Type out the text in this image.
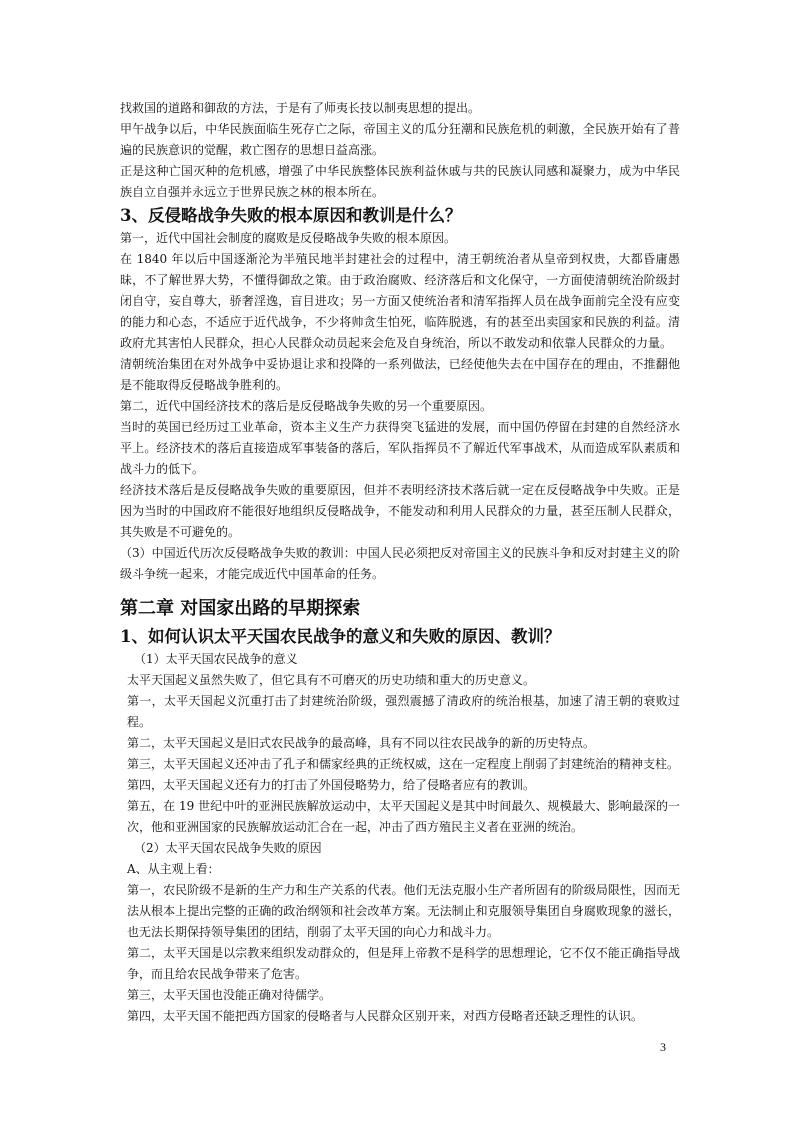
找救国的道路和御敌的方法，于是有了师夷长技以制夷思想的提出。
甲午战争以后，中华民族面临生死存亡之际，帝国主义的瓜分狂潮和民族危机的刺激，全民族开始有了普遍的民族意识的觉醒，救亡图存的思想日益高涨。
正是这种亡国灭种的危机感，增强了中华民族整体民族利益休戚与共的民族认同感和凝聚力，成为中华民族自立自强并永远立于世界民族之林的根本所在。
3、反侵略战争失败的根本原因和教训是什么？
第一，近代中国社会制度的腐败是反侵略战争失败的根本原因。
在 1840 年以后中国逐渐沦为半殖民地半封建社会的过程中，清王朝统治者从皇帝到权贵，大都昏庸愚昧，不了解世界大势，不懂得御敌之策。由于政治腐败、经济落后和文化保守，一方面使清朝统治阶级封闭自守，妄自尊大，骄奢淫逸，盲目进攻；另一方面又使统治者和清军指挥人员在战争面前完全没有应变的能力和心态，不适应于近代战争，不少将帅贪生怕死，临阵脱逃，有的甚至出卖国家和民族的利益。清政府尤其害怕人民群众，担心人民群众动员起来会危及自身统治，所以不敢发动和依靠人民群众的力量。
清朝统治集团在对外战争中妥协退让求和投降的一系列做法，已经使他失去在中国存在的理由，不推翻他是不能取得反侵略战争胜利的。
第二，近代中国经济技术的落后是反侵略战争失败的另一个重要原因。
当时的英国已经历过工业革命，资本主义生产力获得突飞猛进的发展，而中国仍停留在封建的自然经济水平上。经济技术的落后直接造成军事装备的落后，军队指挥员不了解近代军事战术，从而造成军队素质和战斗力的低下。
经济技术落后是反侵略战争失败的重要原因，但并不表明经济技术落后就一定在反侵略战争中失败。正是因为当时的中国政府不能很好地组织反侵略战争，不能发动和利用人民群众的力量，甚至压制人民群众，其失败是不可避免的。
（3）中国近代历次反侵略战争失败的教训：中国人民必须把反对帝国主义的民族斗争和反对封建主义的阶级斗争统一起来，才能完成近代中国革命的任务。
第二章 对国家出路的早期探索
1、如何认识太平天国农民战争的意义和失败的原因、教训？
（1）太平天国农民战争的意义
太平天国起义虽然失败了，但它具有不可磨灭的历史功绩和重大的历史意义。
第一，太平天国起义沉重打击了封建统治阶级，强烈震撼了清政府的统治根基，加速了清王朝的衰败过程。
第二，太平天国起义是旧式农民战争的最高峰，具有不同以往农民战争的新的历史特点。
第三，太平天国起义还冲击了孔子和儒家经典的正统权威，这在一定程度上削弱了封建统治的精神支柱。
第四，太平天国起义还有力的打击了外国侵略势力，给了侵略者应有的教训。
第五，在 19 世纪中叶的亚洲民族解放运动中，太平天国起义是其中时间最久、规模最大、影响最深的一次，他和亚洲国家的民族解放运动汇合在一起，冲击了西方殖民主义者在亚洲的统治。
（2）太平天国农民战争失败的原因
A、从主观上看：
第一，农民阶级不是新的生产力和生产关系的代表。他们无法克服小生产者所固有的阶级局限性，因而无法从根本上提出完整的正确的政治纲领和社会改革方案。无法制止和克服领导集团自身腐败现象的滋长，也无法长期保持领导集团的团结，削弱了太平天国的向心力和战斗力。
第二，太平天国是以宗教来组织发动群众的，但是拜上帝教不是科学的思想理论，它不仅不能正确指导战争，而且给农民战争带来了危害。
第三，太平天国也没能正确对待儒学。
第四，太平天国不能把西方国家的侵略者与人民群众区别开来，对西方侵略者还缺乏理性的认识。
3
